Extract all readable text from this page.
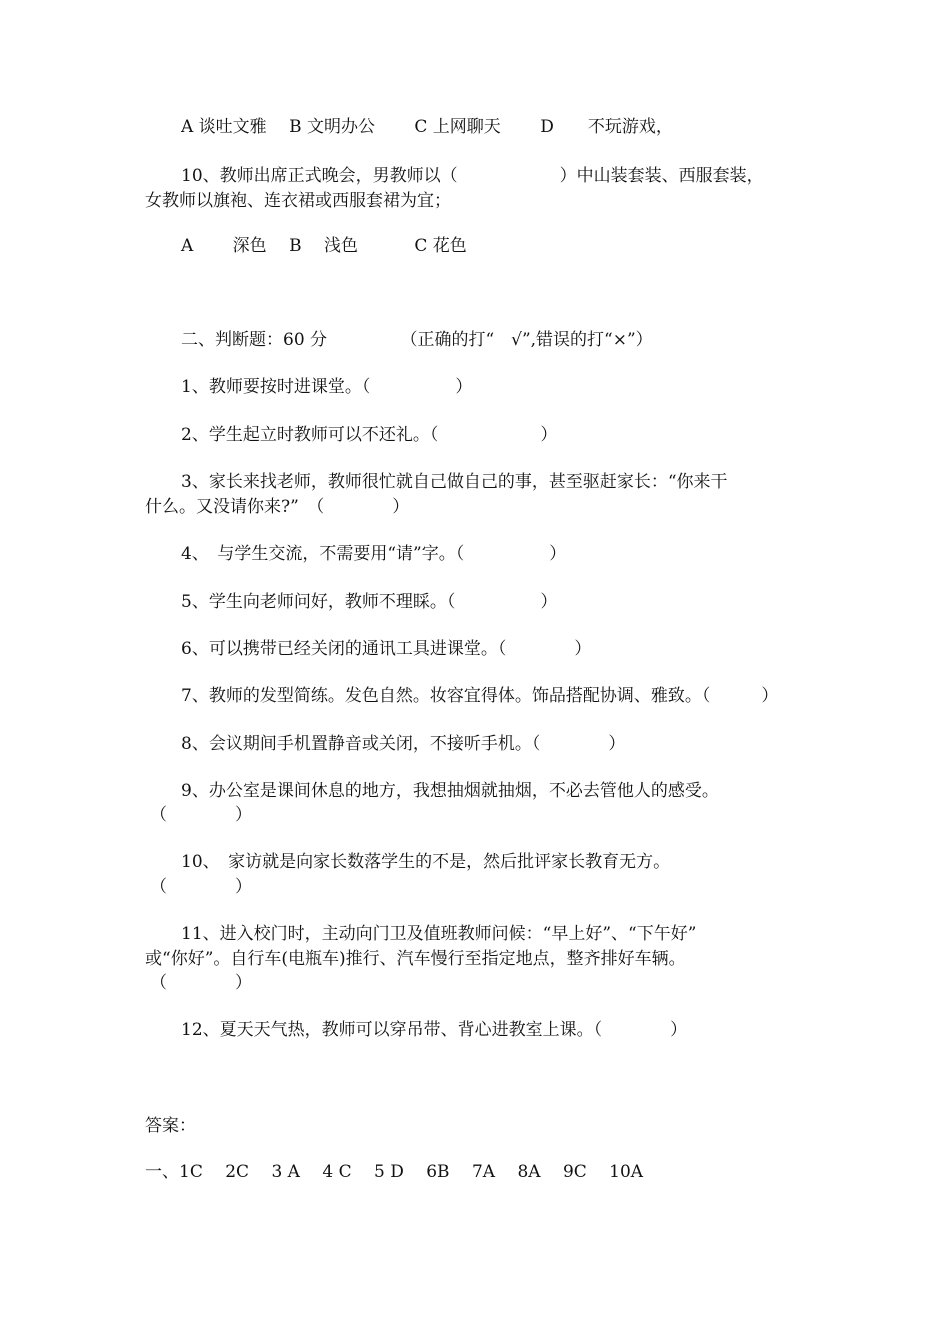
A 谈吐文雅　 B 文明办公　　 C 上网聊天　　 D　　不玩游戏，
10、教师出席正式晚会，男教师以（　　　　　　）中山装套装、西服套装，
女教师以旗袍、连衣裙或西服套裙为宜；
A　　 深色　 B　 浅色　　　 C 花色
二、判断题：60 分　　　　 （正确的打“　√”,错误的打“×”）
1、教师要按时进课堂。（　　　　　）
2、学生起立时教师可以不还礼。（　　　　　　）
3、家长来找老师，教师很忙就自己做自己的事，甚至驱赶家长：“你来干
什么。又没请你来?”　（　　　　）
4、　与学生交流，不需要用“请”字。（　　　　　）
5、学生向老师问好，教师不理睬。（　　　　　）
6、可以携带已经关闭的通讯工具进课堂。（　　　　）
7、教师的发型简练。发色自然。妆容宜得体。饰品搭配协调、雅致。（　　　）
8、会议期间手机置静音或关闭，不接听手机。（　　　　）
9、办公室是课间休息的地方，我想抽烟就抽烟，不必去管他人的感受。
（　　　　）
10、　家访就是向家长数落学生的不是，然后批评家长教育无方。
（　　　　）
11、进入校门时，主动向门卫及值班教师问候：“早上好”、“下午好”
或“你好”。自行车(电瓶车)推行、汽车慢行至指定地点，整齐排好车辆。
（　　　　）
12、夏天天气热，教师可以穿吊带、背心进教室上课。（　　　　）
答案：
一、1C　 2C　 3 A　 4 C　 5 D　 6B　 7A　 8A　 9C　 10A
